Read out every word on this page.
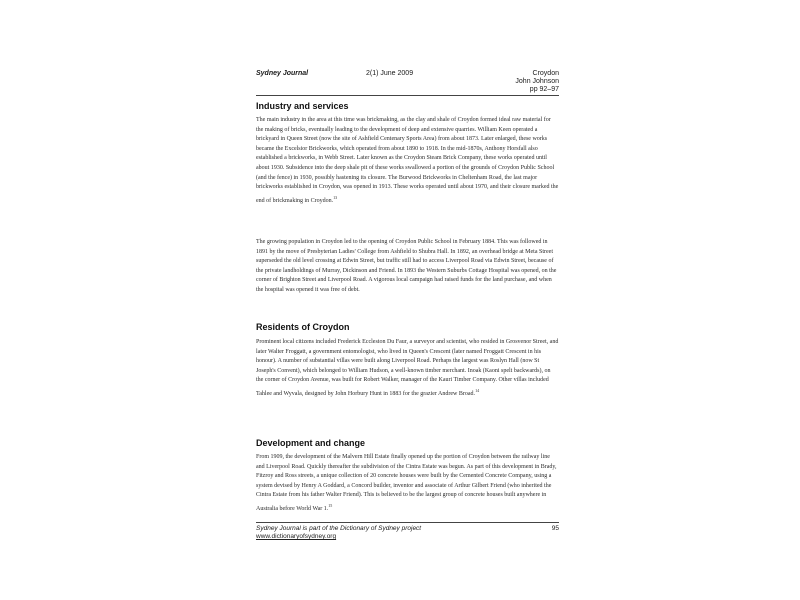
Sydney Journal	2(1) June 2009	Croydon
John Johnson
pp 92–97
Industry and services

The main industry in the area at this time was brickmaking, as the clay and shale of Croydon formed ideal raw material for the making of bricks, eventually leading to the development of deep and extensive quarries. William Keen operated a brickyard in Queen Street (now the site of Ashfield Centenary Sports Area) from about 1873. Later enlarged, these works became the Excelsior Brickworks, which operated from about 1890 to 1918. In the mid-1870s, Anthony Horsfall also established a brickworks, in Webb Street. Later known as the Croydon Steam Brick Company, these works operated until about 1930. Subsidence into the deep shale pit of these works swallowed a portion of the grounds of Croydon Public School (and the fence) in 1930, possibly hastening its closure. The Burwood Brickworks in Cheltenham Road, the last major brickworks established in Croydon, was opened in 1913. These works operated until about 1970, and their closure marked the end of brickmaking in Croydon.$^{13}$

The growing population in Croydon led to the opening of Croydon Public School in February 1884. This was followed in 1891 by the move of Presbyterian Ladies' College from Ashfield to Shubra Hall. In 1892, an overhead bridge at Meta Street superseded the old level crossing at Edwin Street, but traffic still had to access Liverpool Road via Edwin Street, because of the private landholdings of Murray, Dickinson and Friend. In 1893 the Western Suburbs Cottage Hospital was opened, on the corner of Brighton Street and Liverpool Road. A vigorous local campaign had raised funds for the land purchase, and when the hospital was opened it was free of debt.

Residents of Croydon

Prominent local citizens included Frederick Eccleston Du Faur, a surveyor and scientist, who resided in Grosvenor Street, and later Walter Froggatt, a government entomologist, who lived in Queen's Crescent (later named Froggatt Crescent in his honour). A number of substantial villas were built along Liverpool Road. Perhaps the largest was Roslyn Hall (now St Joseph's Convent), which belonged to William Hudson, a well-known timber merchant. Inoak (Kaoni spelt backwards), on the corner of Croydon Avenue, was built for Robert Walker, manager of the Kauri Timber Company. Other villas included Tahlee and Wyvala, designed by John Horbury Hunt in 1883 for the grazier Andrew Broad.$^{14}$

Development and change

From 1909, the development of the Malvern Hill Estate finally opened up the portion of Croydon between the railway line and Liverpool Road. Quickly thereafter the subdivision of the Cintra Estate was begun. As part of this development in Brady, Fitzroy and Ross streets, a unique collection of 20 concrete houses were built by the Cemented Concrete Company, using a system devised by Henry A Goddard, a Concord builder, inventor and associate of Arthur Gilbert Friend (who inherited the Cintra Estate from his father Walter Friend). This is believed to be the largest group of concrete houses built anywhere in Australia before World War 1.15

Sydney Journal is part of the Dictionary of Sydney project
www.dictionaryofsydney.org
95
